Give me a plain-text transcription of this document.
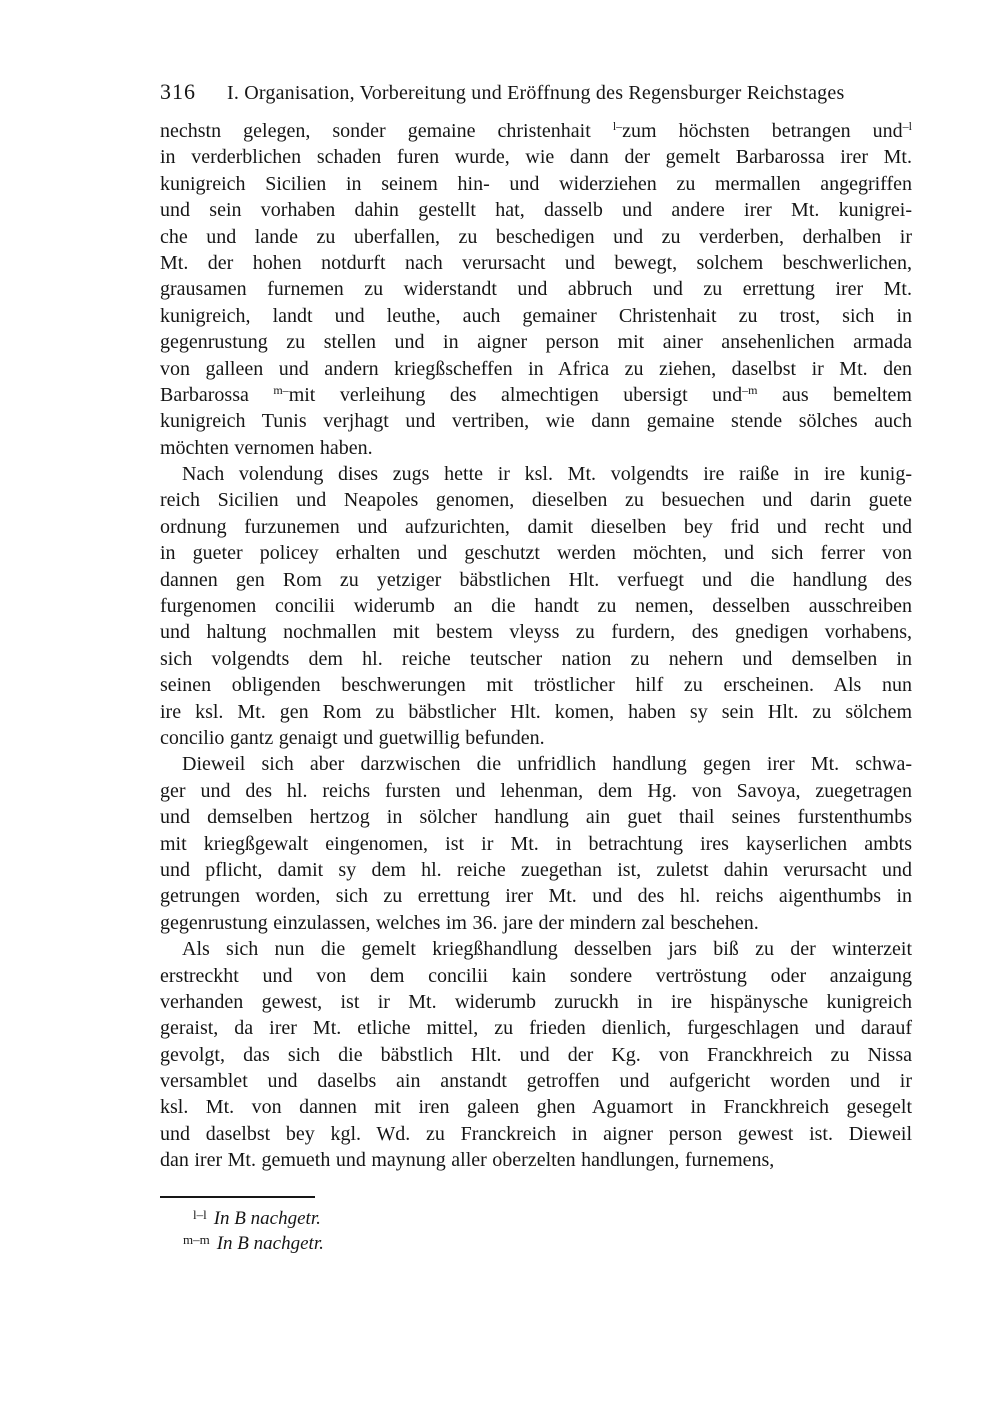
316 I. Organisation, Vorbereitung und Eröffnung des Regensburger Reichstages
nechstn gelegen, sonder gemaine christenhait $^{l-}$zum höchsten betrangen und$^{-l}$
in verderblichen schaden furen wurde, wie dann der gemelt Barbarossa irer Mt.
kunigreich Sicilien in seinem hin- und widerziehen zu mermallen angegriffen
und sein vorhaben dahin gestellt hat, dasselb und andere irer Mt. kunigrei-
che und lande zu uberfallen, zu beschedigen und zu verderben, derhalben ir
Mt. der hohen notdurft nach verursacht und bewegt, solchem beschwerlichen,
grausamen furnemen zu widerstandt und abbruch und zu errettung irer Mt.
kunigreich, landt und leuthe, auch gemainer Christenhait zu trost, sich in
gegenrustung zu stellen und in aigner person mit ainer ansehenlichen armada
von galleen und andern kriegßscheffen in Africa zu ziehen, daselbst ir Mt. den
Barbarossa $^{m-}$mit verleihung des almechtigen ubersigt und$^{-m}$ aus bemeltem
kunigreich Tunis verjhagt und vertriben, wie dann gemaine stende sölches auch
möchten vernomen haben.
Nach volendung dises zugs hette ir ksl. Mt. volgendts ire raiße in ire kunig-
reich Sicilien und Neapoles genomen, dieselben zu besuechen und darin guete
ordnung furzunemen und aufzurichten, damit dieselben bey frid und recht und
in gueter policey erhalten und geschutzt werden möchten, und sich ferrer von
dannen gen Rom zu yetziger bäbstlichen Hlt. verfuegt und die handlung des
furgenomen concilii widerumb an die handt zu nemen, desselben ausschreiben
und haltung nochmallen mit bestem vleyss zu furdern, des gnedigen vorhabens,
sich volgendts dem hl. reiche teutscher nation zu nehern und demselben in
seinen obligenden beschwerungen mit tröstlicher hilf zu erscheinen. Als nun
ire ksl. Mt. gen Rom zu bäbstlicher Hlt. komen, haben sy sein Hlt. zu sölchem
concilio gantz genaigt und guetwillig befunden.
Dieweil sich aber darzwischen die unfridlich handlung gegen irer Mt. schwa-
ger und des hl. reichs fursten und lehenman, dem Hg. von Savoya, zuegetragen
und demselben hertzog in sölcher handlung ain guet thail seines furstenthumbs
mit kriegßgewalt eingenomen, ist ir Mt. in betrachtung ires kayserlichen ambts
und pflicht, damit sy dem hl. reiche zuegethan ist, zuletst dahin verursacht und
getrungen worden, sich zu errettung irer Mt. und des hl. reichs aigenthumbs in
gegenrustung einzulassen, welches im 36. jare der mindern zal beschehen.
Als sich nun die gemelt kriegßhandlung desselben jars biß zu der winterzeit
erstreckht und von dem concilii kain sondere vertröstung oder anzaigung
verhanden gewest, ist ir Mt. widerumb zuruckh in ire hispänysche kunigreich
geraist, da irer Mt. etliche mittel, zu frieden dienlich, furgeschlagen und darauf
gevolgt, das sich die bäbstlich Hlt. und der Kg. von Franckhreich zu Nissa
versamblet und daselbs ain anstandt getroffen und aufgericht worden und ir
ksl. Mt. von dannen mit iren galeen ghen Aguamort in Franckhreich gesegelt
und daselbst bey kgl. Wd. zu Franckreich in aigner person gewest ist. Dieweil
dan irer Mt. gemueth und maynung aller oberzelten handlungen, furnemens,
$^{l-l}$ In B nachgetr.
$^{m-m}$ In B nachgetr.
